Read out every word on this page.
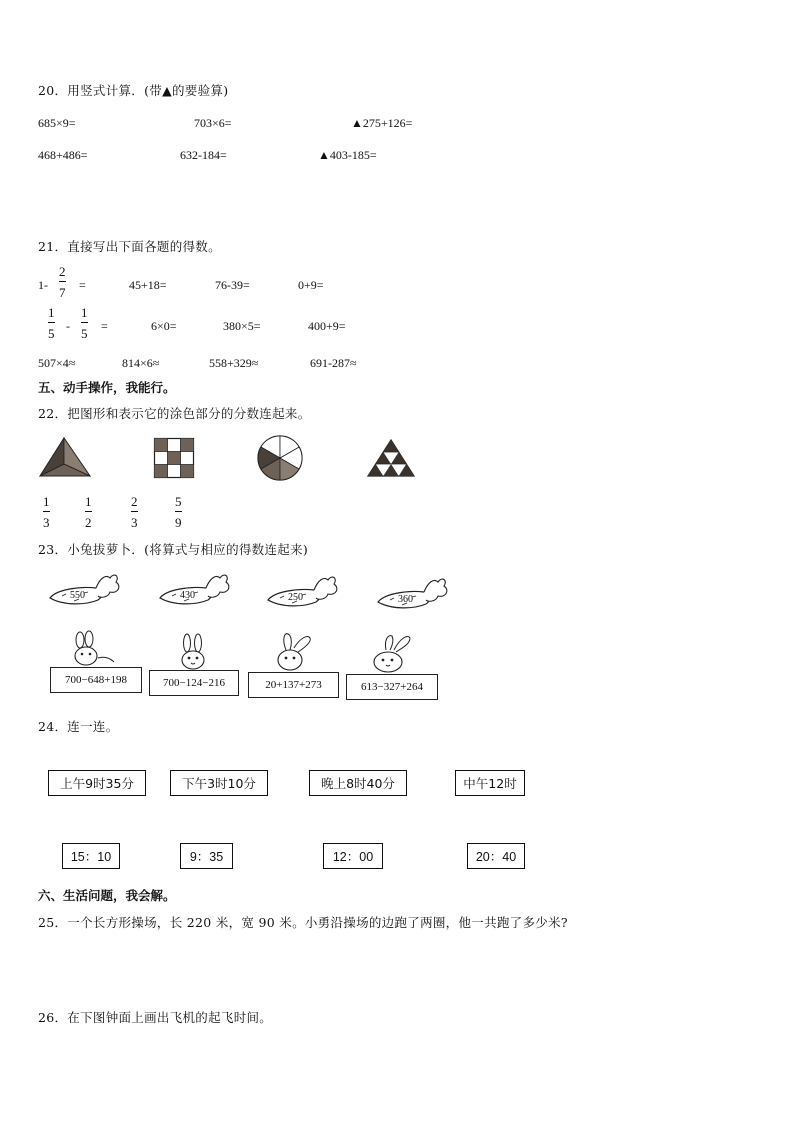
20．用竖式计算．(带▲的要验算)
685×9=	703×6=	▲275+126=
468+486=	632-184=	▲403-185=
21．直接写出下面各题的得数。
$1- \frac{2}{7}$ =	45+18=	76-39=	0+9=
$\frac{1}{5} - \frac{1}{5}$ =	6×0=	380×5=	400+9=
507×4≈	814×6≈	558+329≈	691-287≈
五、动手操作，我能行。
22．把图形和表示它的涂色部分的分数连起来。
$\frac{1}{3} \frac{1}{2}$	$\frac{2}{3} \frac{5}{9}$
23．小兔拔萝卜．(将算式与相应的得数连起来)
550	430	250	360
700−648+198	700−124−216	20+137+273	613−327+264
24．连一连。
上午9时35分	下午3时10分	晚上8时40分	中午12时
15：10	9：35	12：00	20：40
六、生活问题，我会解。
25．一个长方形操场，长 220 米，宽 90 米。小勇沿操场的边跑了两圈，他一共跑了多少米?
26．在下图钟面上画出飞机的起飞时间。
